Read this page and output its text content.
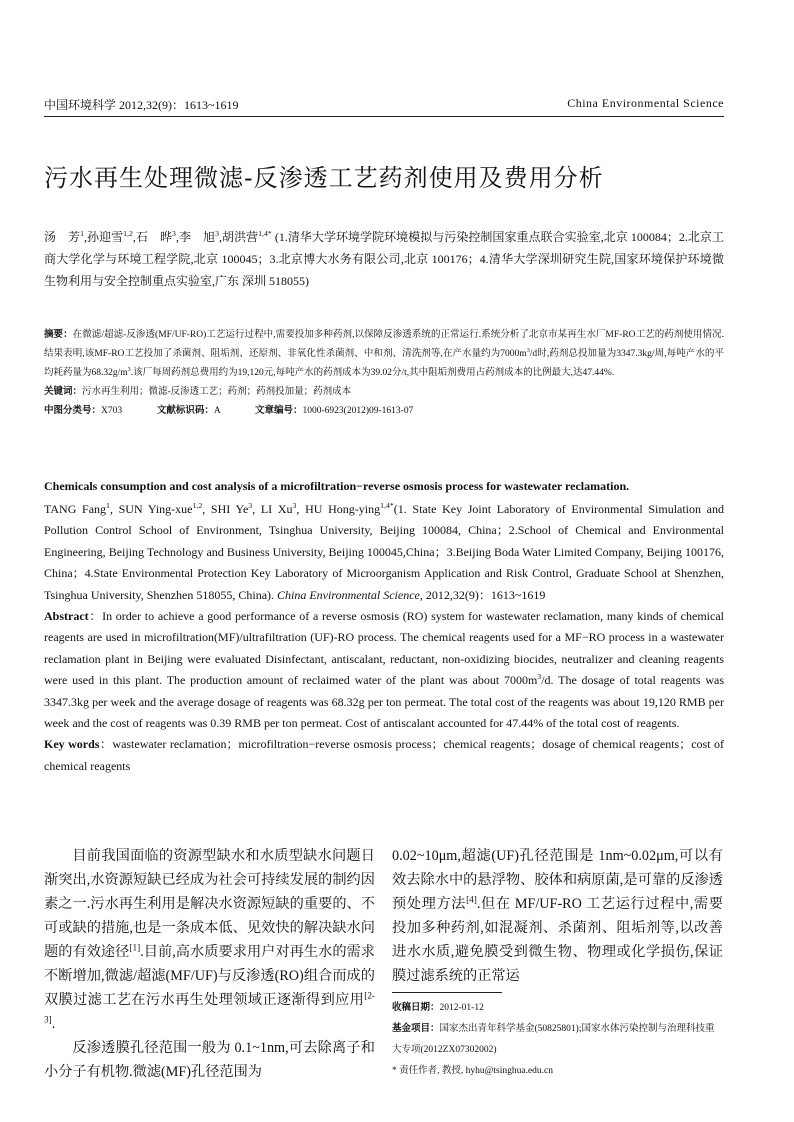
中国环境科学 2012,32(9)：1613~1619	China Environmental Science
污水再生处理微滤-反渗透工艺药剂使用及费用分析
汤　芳$^1$,孙迎雪$^{1,2}$,石　晔$^3$,李　旭$^3$,胡洪营$^{1,4*}$ (1.清华大学环境学院环境模拟与污染控制国家重点联合实验室,北京 100084；2.北京工商大学化学与环境工程学院,北京 100045；3.北京博大水务有限公司,北京 100176；4.清华大学深圳研究生院,国家环境保护环境微生物利用与安全控制重点实验室,广东 深圳 518055)
摘要：在微滤/超滤-反渗透(MF/UF-RO)工艺运行过程中,需要投加多种药剂,以保障反渗透系统的正常运行.系统分析了北京市某再生水厂MF-RO工艺的药剂使用情况.结果表明,该MF-RO工艺投加了杀菌剂、阻垢剂、还原剂、非氧化性杀菌剂、中和剂、清洗剂等,在产水量约为$7000m^3/d$时,药剂总投加量为3347.3kg/周,每吨产水的平均耗药量为$68.32g/m^3$.该厂每周药剂总费用约为19,120元,每吨产水的药剂成本为39.02分/t,其中阻垢剂费用占药剂成本的比例最大,达47.44%.
关键词：污水再生利用；微滤-反渗透工艺；药剂；药剂投加量；药剂成本
中图分类号：X703	文献标识码：A	文章编号：1000-6923(2012)09-1613-07
Chemicals consumption and cost analysis of a microfiltration−reverse osmosis process for wastewater reclamation.
TANG Fang$^1$, SUN Ying-xue$^{1,2}$, SHI Ye$^3$, LI Xu$^3$, HU Hong-ying$^{1,4*}$(1. State Key Joint Laboratory of Environmental Simulation and Pollution Control School of Environment, Tsinghua University, Beijing 100084, China；2.School of Chemical and Environmental Engineering, Beijing Technology and Business University, Beijing 100045,China；3.Beijing Boda Water Limited Company, Beijing 100176, China；4.State Environmental Protection Key Laboratory of Microorganism Application and Risk Control, Graduate School at Shenzhen, Tsinghua University, Shenzhen 518055, China). China Environmental Science, 2012,32(9)：1613~1619
Abstract：In order to achieve a good performance of a reverse osmosis (RO) system for wastewater reclamation, many kinds of chemical reagents are used in microfiltration(MF)/ultrafiltration (UF)-RO process. The chemical reagents used for a MF−RO process in a wastewater reclamation plant in Beijing were evaluated Disinfectant, antiscalant, reductant, non-oxidizing biocides, neutralizer and cleaning reagents were used in this plant. The production amount of reclaimed water of the plant was about $7000m^3/d$. The dosage of total reagents was 3347.3kg per week and the average dosage of reagents was 68.32g per ton permeat. The total cost of the reagents was about 19,120 RMB per week and the cost of reagents was 0.39 RMB per ton permeat. Cost of antiscalant accounted for 47.44% of the total cost of reagents.
Key words：wastewater reclamation；microfiltration−reverse osmosis process；chemical reagents；dosage of chemical reagents；cost of chemical reagents
目前我国面临的资源型缺水和水质型缺水问题日渐突出,水资源短缺已经成为社会可持续发展的制约因素之一.污水再生利用是解决水资源短缺的重要的、不可或缺的措施,也是一条成本低、见效快的解决缺水问题的有效途径[1].目前,高水质要求用户对再生水的需求不断增加,微滤/超滤(MF/UF)与反渗透(RO)组合而成的双膜过滤工艺在污水再生处理领域正逐渐得到应用[2-3].
反渗透膜孔径范围一般为 0.1~1nm,可去除离子和小分子有机物.微滤(MF)孔径范围为
0.02~10μm,超滤(UF)孔径范围是 1nm~0.02μm,可以有效去除水中的悬浮物、胶体和病原菌,是可靠的反渗透预处理方法[4].但在 MF/UF-RO 工艺运行过程中,需要投加多种药剂,如混凝剂、杀菌剂、阻垢剂等,以改善进水水质,避免膜受到微生物、物理或化学损伤,保证膜过滤系统的正常运
收稿日期：2012-01-12
基金项目：国家杰出青年科学基金(50825801);国家水体污染控制与治理科技重大专项(2012ZX07302002)
* 责任作者, 教授, hyhu@tsinghua.edu.cn
